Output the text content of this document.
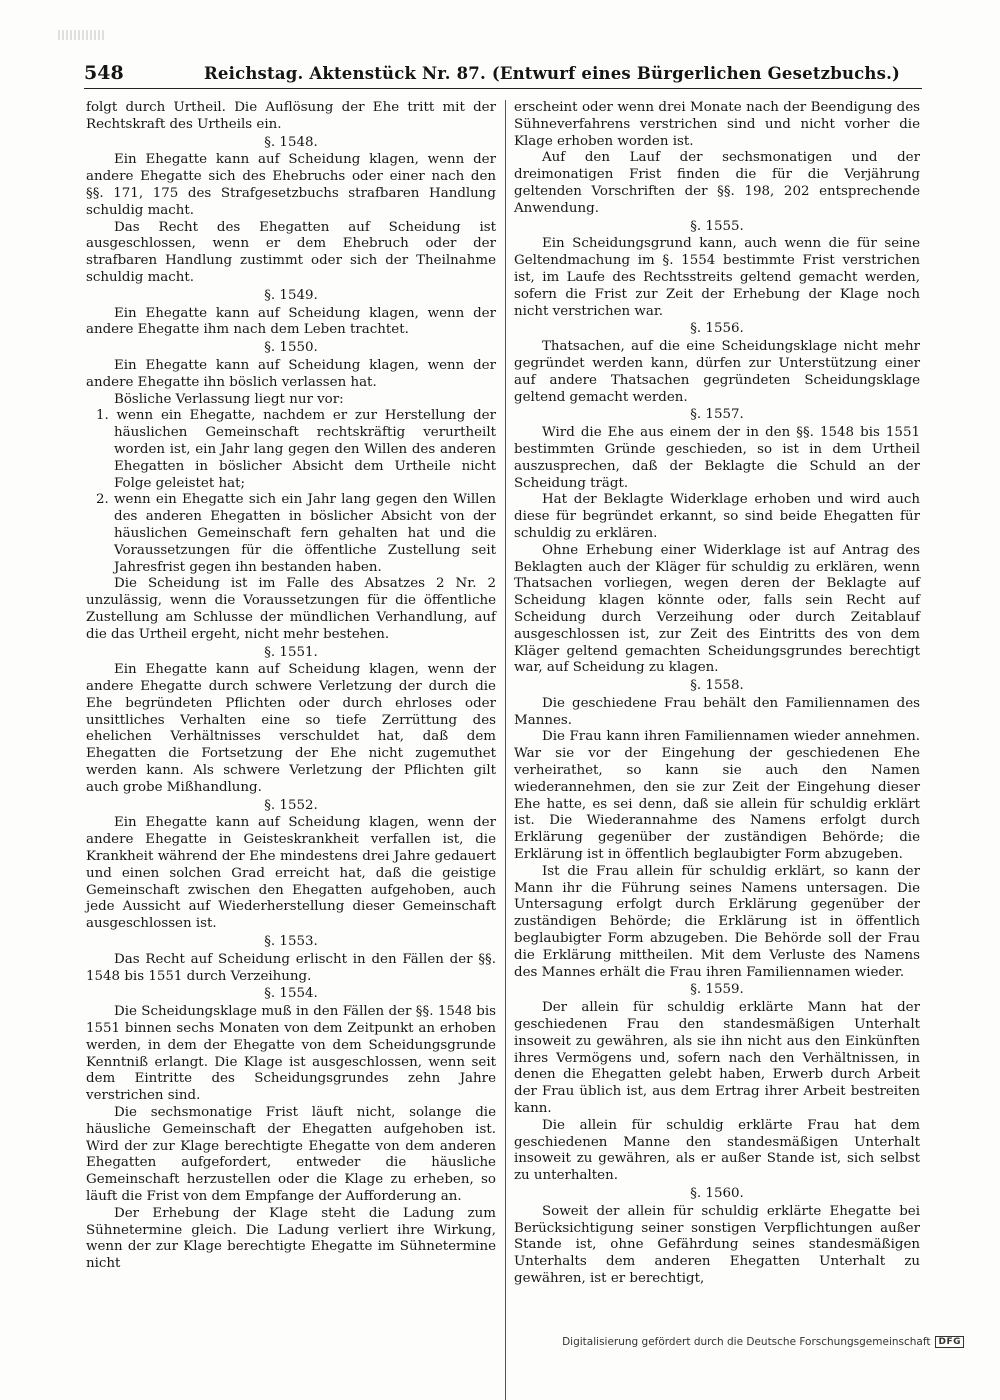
548	Reichstag. Aktenstück Nr. 87. (Entwurf eines Bürgerlichen Gesetzbuchs.)

folgt durch Urtheil. Die Auflösung der Ehe tritt mit der Rechtskraft des Urtheils ein.

§. 1548.

Ein Ehegatte kann auf Scheidung klagen, wenn der andere Ehegatte sich des Ehebruchs oder einer nach den §§. 171, 175 des Strafgesetzbuchs strafbaren Handlung schuldig macht.

Das Recht des Ehegatten auf Scheidung ist ausgeschlossen, wenn er dem Ehebruch oder der strafbaren Handlung zustimmt oder sich der Theilnahme schuldig macht.

§. 1549.

Ein Ehegatte kann auf Scheidung klagen, wenn der andere Ehegatte ihm nach dem Leben trachtet.

§. 1550.

Ein Ehegatte kann auf Scheidung klagen, wenn der andere Ehegatte ihn böslich verlassen hat.

Bösliche Verlassung liegt nur vor:

1. wenn ein Ehegatte, nachdem er zur Herstellung der häuslichen Gemeinschaft rechtskräftig verurtheilt worden ist, ein Jahr lang gegen den Willen des anderen Ehegatten in böslicher Absicht dem Urtheile nicht Folge geleistet hat;

2. wenn ein Ehegatte sich ein Jahr lang gegen den Willen des anderen Ehegatten in böslicher Absicht von der häuslichen Gemeinschaft fern gehalten hat und die Voraussetzungen für die öffentliche Zustellung seit Jahresfrist gegen ihn bestanden haben.

Die Scheidung ist im Falle des Absatzes 2 Nr. 2 unzulässig, wenn die Voraussetzungen für die öffentliche Zustellung am Schlusse der mündlichen Verhandlung, auf die das Urtheil ergeht, nicht mehr bestehen.

§. 1551.

Ein Ehegatte kann auf Scheidung klagen, wenn der andere Ehegatte durch schwere Verletzung der durch die Ehe begründeten Pflichten oder durch ehrloses oder unsittliches Verhalten eine so tiefe Zerrüttung des ehelichen Verhältnisses verschuldet hat, daß dem Ehegatten die Fortsetzung der Ehe nicht zugemuthet werden kann. Als schwere Verletzung der Pflichten gilt auch grobe Mißhandlung.

§. 1552.

Ein Ehegatte kann auf Scheidung klagen, wenn der andere Ehegatte in Geisteskrankheit verfallen ist, die Krankheit während der Ehe mindestens drei Jahre gedauert und einen solchen Grad erreicht hat, daß die geistige Gemeinschaft zwischen den Ehegatten aufgehoben, auch jede Aussicht auf Wiederherstellung dieser Gemeinschaft ausgeschlossen ist.

§. 1553.

Das Recht auf Scheidung erlischt in den Fällen der §§. 1548 bis 1551 durch Verzeihung.

§. 1554.

Die Scheidungsklage muß in den Fällen der §§. 1548 bis 1551 binnen sechs Monaten von dem Zeitpunkt an erhoben werden, in dem der Ehegatte von dem Scheidungsgrunde Kenntniß erlangt. Die Klage ist ausgeschlossen, wenn seit dem Eintritte des Scheidungsgrundes zehn Jahre verstrichen sind.

Die sechsmonatige Frist läuft nicht, solange die häusliche Gemeinschaft der Ehegatten aufgehoben ist. Wird der zur Klage berechtigte Ehegatte von dem anderen Ehegatten aufgefordert, entweder die häusliche Gemeinschaft herzustellen oder die Klage zu erheben, so läuft die Frist von dem Empfange der Aufforderung an.

Der Erhebung der Klage steht die Ladung zum Sühnetermine gleich. Die Ladung verliert ihre Wirkung, wenn der zur Klage berechtigte Ehegatte im Sühnetermine nicht

erscheint oder wenn drei Monate nach der Beendigung des Sühneverfahrens verstrichen sind und nicht vorher die Klage erhoben worden ist.

Auf den Lauf der sechsmonatigen und der dreimonatigen Frist finden die für die Verjährung geltenden Vorschriften der §§. 198, 202 entsprechende Anwendung.

§. 1555.

Ein Scheidungsgrund kann, auch wenn die für seine Geltendmachung im §. 1554 bestimmte Frist verstrichen ist, im Laufe des Rechtsstreits geltend gemacht werden, sofern die Frist zur Zeit der Erhebung der Klage noch nicht verstrichen war.

§. 1556.

Thatsachen, auf die eine Scheidungsklage nicht mehr gegründet werden kann, dürfen zur Unterstützung einer auf andere Thatsachen gegründeten Scheidungsklage geltend gemacht werden.

§. 1557.

Wird die Ehe aus einem der in den §§. 1548 bis 1551 bestimmten Gründe geschieden, so ist in dem Urtheil auszusprechen, daß der Beklagte die Schuld an der Scheidung trägt.

Hat der Beklagte Widerklage erhoben und wird auch diese für begründet erkannt, so sind beide Ehegatten für schuldig zu erklären.

Ohne Erhebung einer Widerklage ist auf Antrag des Beklagten auch der Kläger für schuldig zu erklären, wenn Thatsachen vorliegen, wegen deren der Beklagte auf Scheidung klagen könnte oder, falls sein Recht auf Scheidung durch Verzeihung oder durch Zeitablauf ausgeschlossen ist, zur Zeit des Eintritts des von dem Kläger geltend gemachten Scheidungsgrundes berechtigt war, auf Scheidung zu klagen.

§. 1558.

Die geschiedene Frau behält den Familiennamen des Mannes.

Die Frau kann ihren Familiennamen wieder annehmen. War sie vor der Eingehung der geschiedenen Ehe verheirathet, so kann sie auch den Namen wiederannehmen, den sie zur Zeit der Eingehung dieser Ehe hatte, es sei denn, daß sie allein für schuldig erklärt ist. Die Wiederannahme des Namens erfolgt durch Erklärung gegenüber der zuständigen Behörde; die Erklärung ist in öffentlich beglaubigter Form abzugeben.

Ist die Frau allein für schuldig erklärt, so kann der Mann ihr die Führung seines Namens untersagen. Die Untersagung erfolgt durch Erklärung gegenüber der zuständigen Behörde; die Erklärung ist in öffentlich beglaubigter Form abzugeben. Die Behörde soll der Frau die Erklärung mittheilen. Mit dem Verluste des Namens des Mannes erhält die Frau ihren Familiennamen wieder.

§. 1559.

Der allein für schuldig erklärte Mann hat der geschiedenen Frau den standesmäßigen Unterhalt insoweit zu gewähren, als sie ihn nicht aus den Einkünften ihres Vermögens und, sofern nach den Verhältnissen, in denen die Ehegatten gelebt haben, Erwerb durch Arbeit der Frau üblich ist, aus dem Ertrag ihrer Arbeit bestreiten kann.

Die allein für schuldig erklärte Frau hat dem geschiedenen Manne den standesmäßigen Unterhalt insoweit zu gewähren, als er außer Stande ist, sich selbst zu unterhalten.

§. 1560.

Soweit der allein für schuldig erklärte Ehegatte bei Berücksichtigung seiner sonstigen Verpflichtungen außer Stande ist, ohne Gefährdung seines standesmäßigen Unterhalts dem anderen Ehegatten Unterhalt zu gewähren, ist er berechtigt,

Digitalisierung gefördert durch die Deutsche Forschungsgemeinschaft DFG
